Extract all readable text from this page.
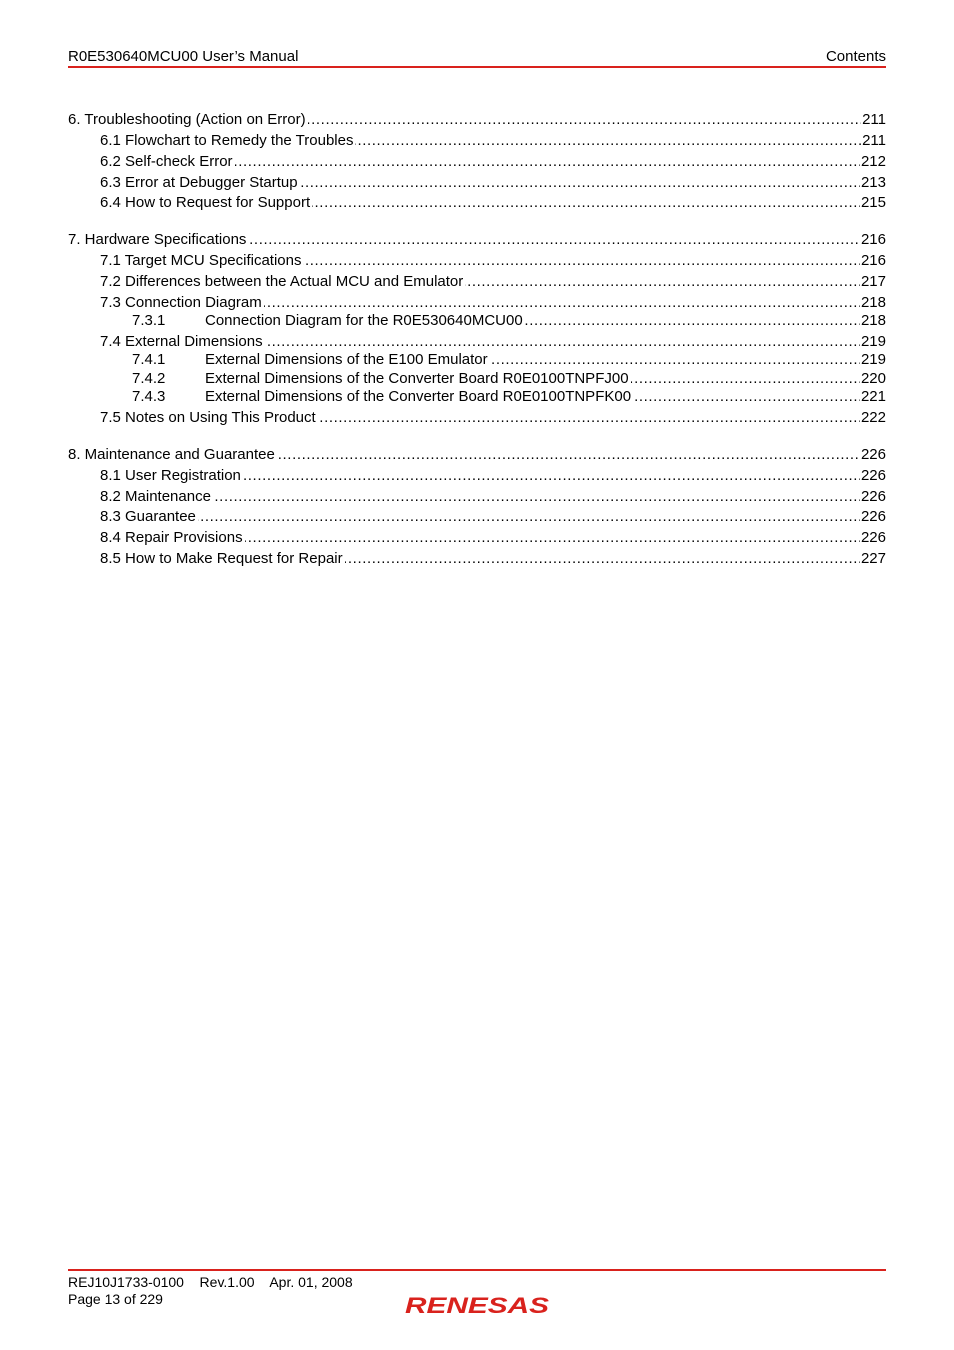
R0E530640MCU00 User’s Manual	Contents
.....
6. Troubleshooting (Action on Error)	211
.....
6.1 Flowchart to Remedy the Troubles	211
.....
6.2 Self-check Error	212
.....
6.3 Error at Debugger Startup	213
.....
6.4 How to Request for Support	215
.....
7. Hardware Specifications	216
.....
7.1 Target MCU Specifications	216
.....
7.2 Differences between the Actual MCU and Emulator	217
.....
7.3 Connection Diagram	218
.....
7.3.1	Connection Diagram for the R0E530640MCU00	218
.....
7.4 External Dimensions	219
.....
7.4.1	External Dimensions of the E100 Emulator	219
.....
7.4.2	External Dimensions of the Converter Board R0E0100TNPFJ00	220
.....
7.4.3	External Dimensions of the Converter Board R0E0100TNPFK00	221
.....
7.5 Notes on Using This Product	222
.....
8. Maintenance and Guarantee	226
.....
8.1 User Registration	226
.....
8.2 Maintenance	226
.....
8.3 Guarantee	226
.....
8.4 Repair Provisions	226
.....
8.5 How to Make Request for Repair	227
REJ10J1733-0100 Rev.1.00 Apr. 01, 2008
Page 13 of 229	RENESAS
